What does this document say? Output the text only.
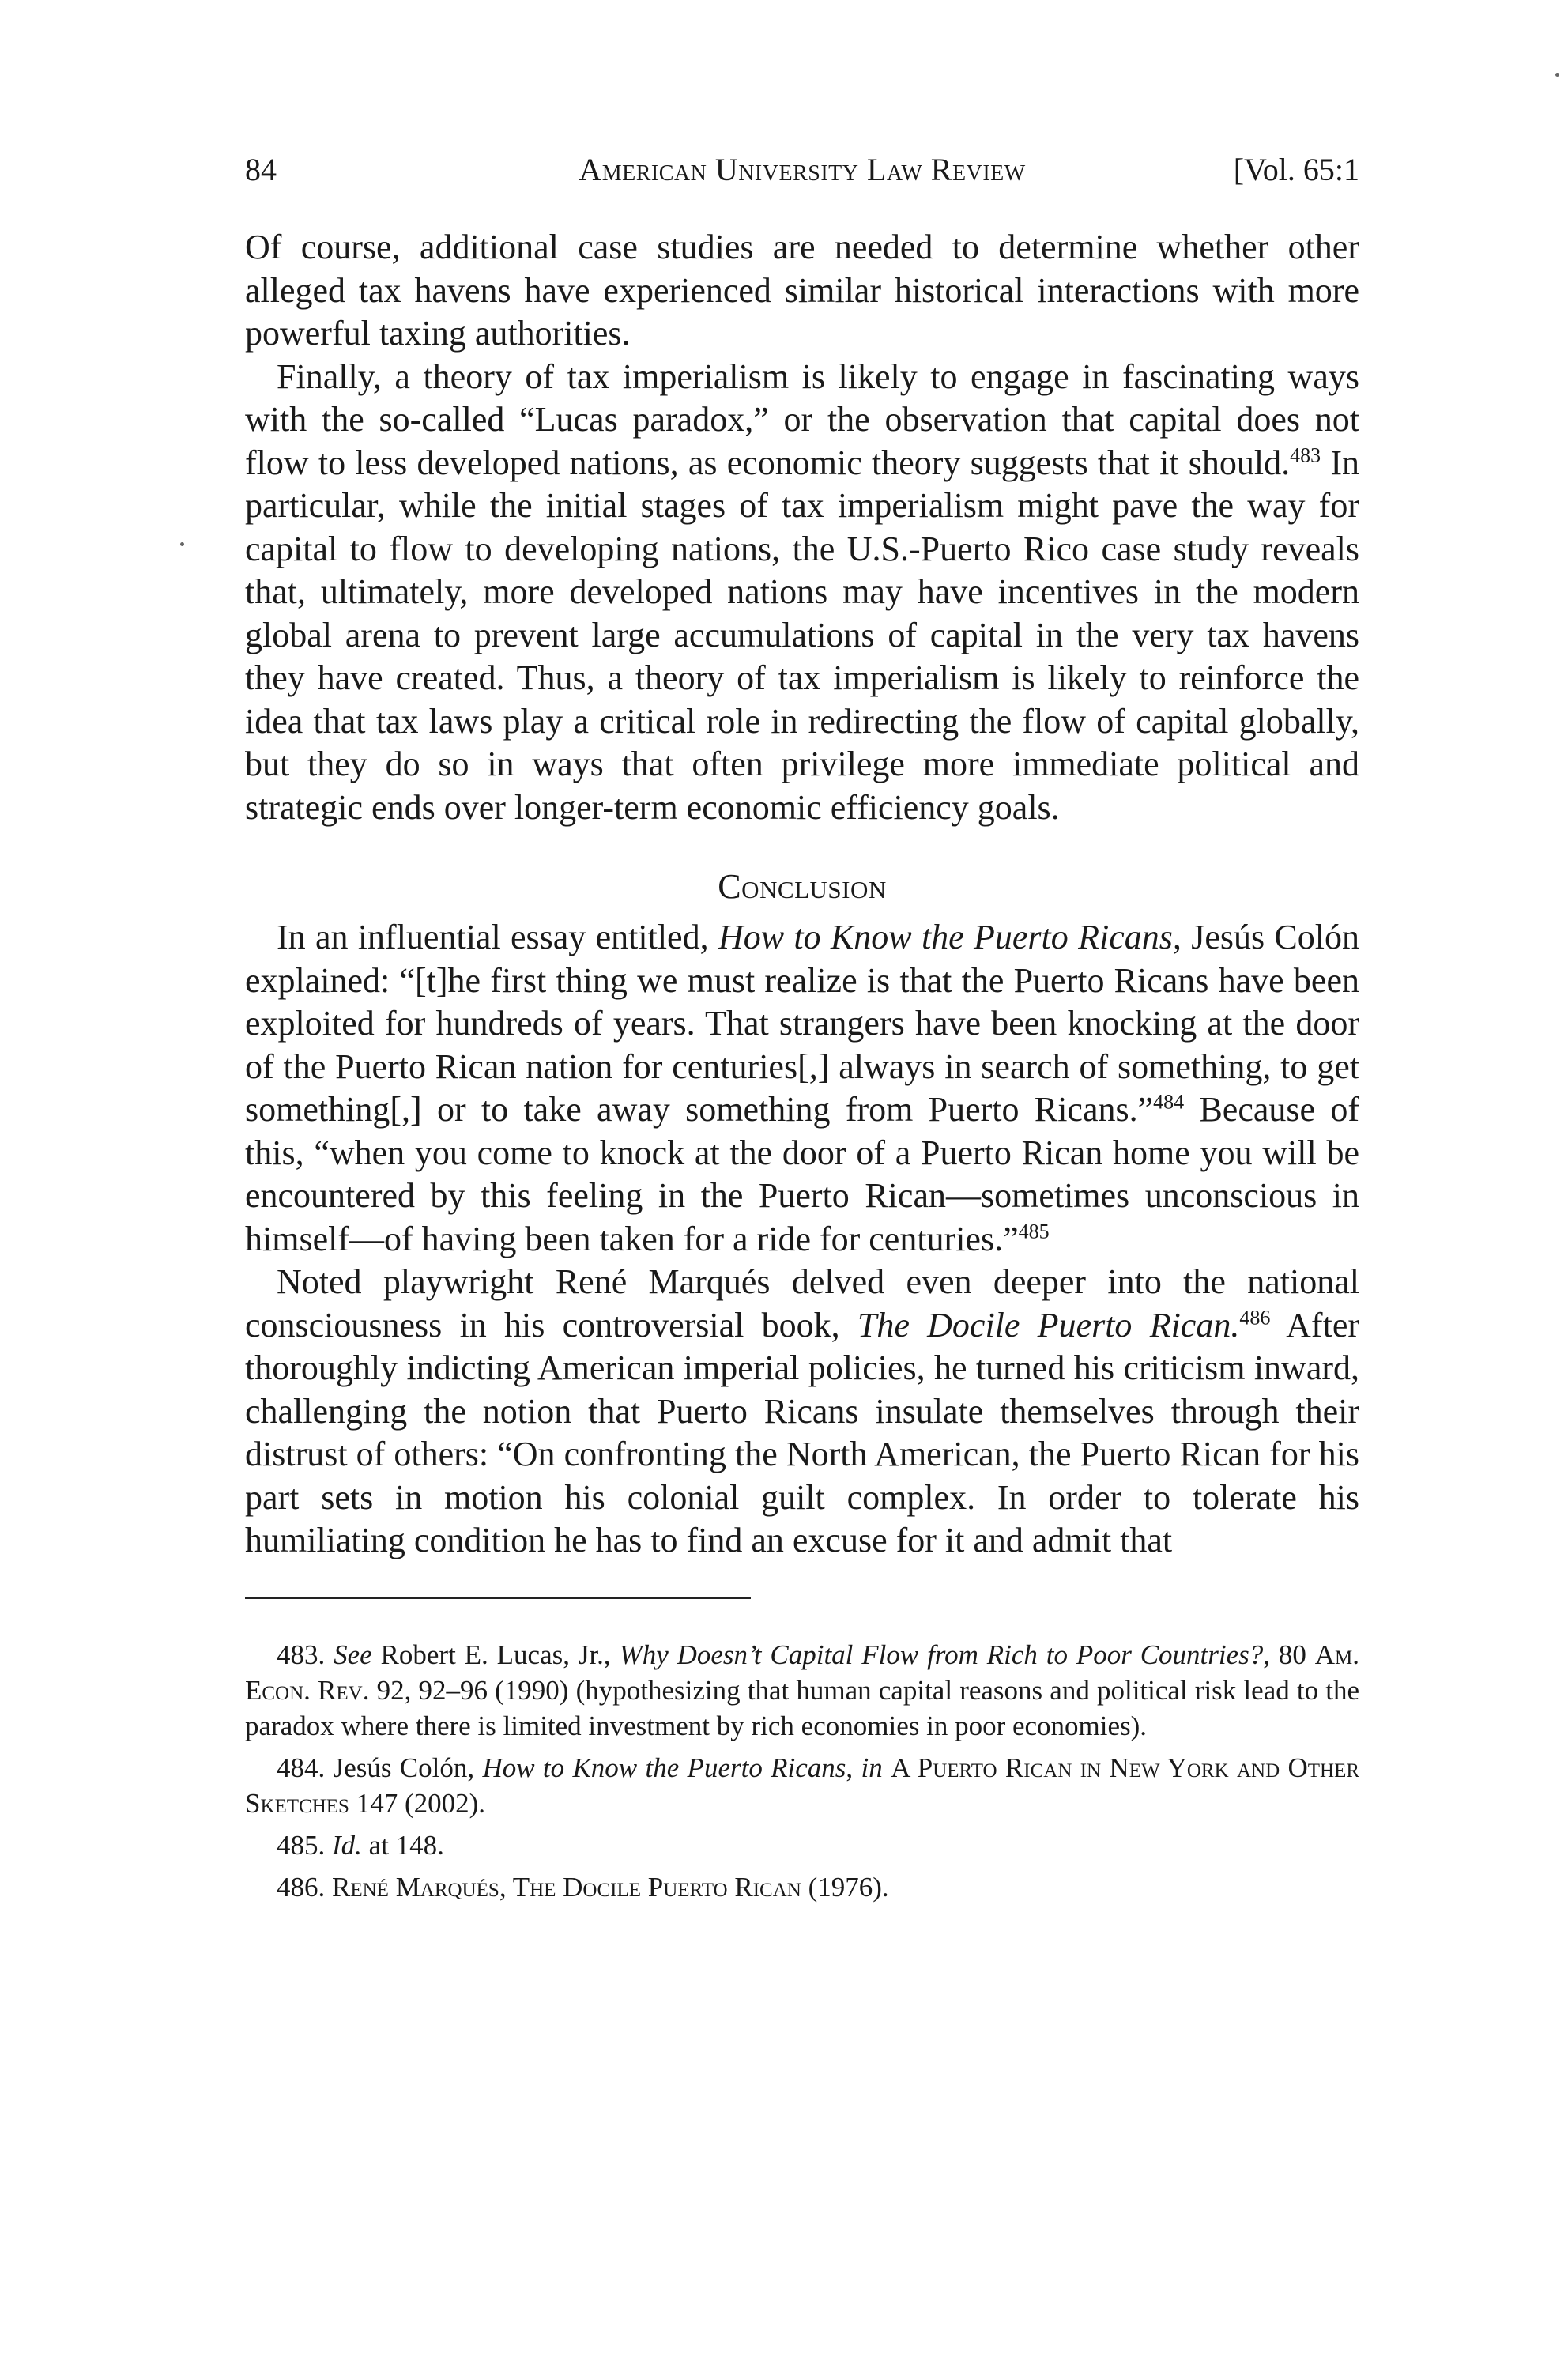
84	American University Law Review	[Vol. 65:1

Of course, additional case studies are needed to determine whether other alleged tax havens have experienced similar historical interactions with more powerful taxing authorities.

Finally, a theory of tax imperialism is likely to engage in fascinating ways with the so-called “Lucas paradox,” or the observation that capital does not flow to less developed nations, as economic theory suggests that it should.$^{483}$ In particular, while the initial stages of tax imperialism might pave the way for capital to flow to developing nations, the U.S.-Puerto Rico case study reveals that, ultimately, more developed nations may have incentives in the modern global arena to prevent large accumulations of capital in the very tax havens they have created. Thus, a theory of tax imperialism is likely to reinforce the idea that tax laws play a critical role in redirecting the flow of capital globally, but they do so in ways that often privilege more immediate political and strategic ends over longer-term economic efficiency goals.

Conclusion

In an influential essay entitled, How to Know the Puerto Ricans, Jesús Colón explained: “[t]he first thing we must realize is that the Puerto Ricans have been exploited for hundreds of years. That strangers have been knocking at the door of the Puerto Rican nation for centuries[,] always in search of something, to get something[,] or to take away something from Puerto Ricans.”$^{484}$ Because of this, “when you come to knock at the door of a Puerto Rican home you will be encountered by this feeling in the Puerto Rican—sometimes unconscious in himself—of having been taken for a ride for centuries.”$^{485}$

Noted playwright René Marqués delved even deeper into the national consciousness in his controversial book, The Docile Puerto Rican.$^{486}$ After thoroughly indicting American imperial policies, he turned his criticism inward, challenging the notion that Puerto Ricans insulate themselves through their distrust of others: “On confronting the North American, the Puerto Rican for his part sets in motion his colonial guilt complex. In order to tolerate his humiliating condition he has to find an excuse for it and admit that

483. See Robert E. Lucas, Jr., Why Doesn’t Capital Flow from Rich to Poor Countries?, 80 Am. Econ. Rev. 92, 92–96 (1990) (hypothesizing that human capital reasons and political risk lead to the paradox where there is limited investment by rich economies in poor economies).

484. Jesús Colón, How to Know the Puerto Ricans, in A Puerto Rican in New York and Other Sketches 147 (2002).

485. Id. at 148.

486. René Marqués, The Docile Puerto Rican (1976).
